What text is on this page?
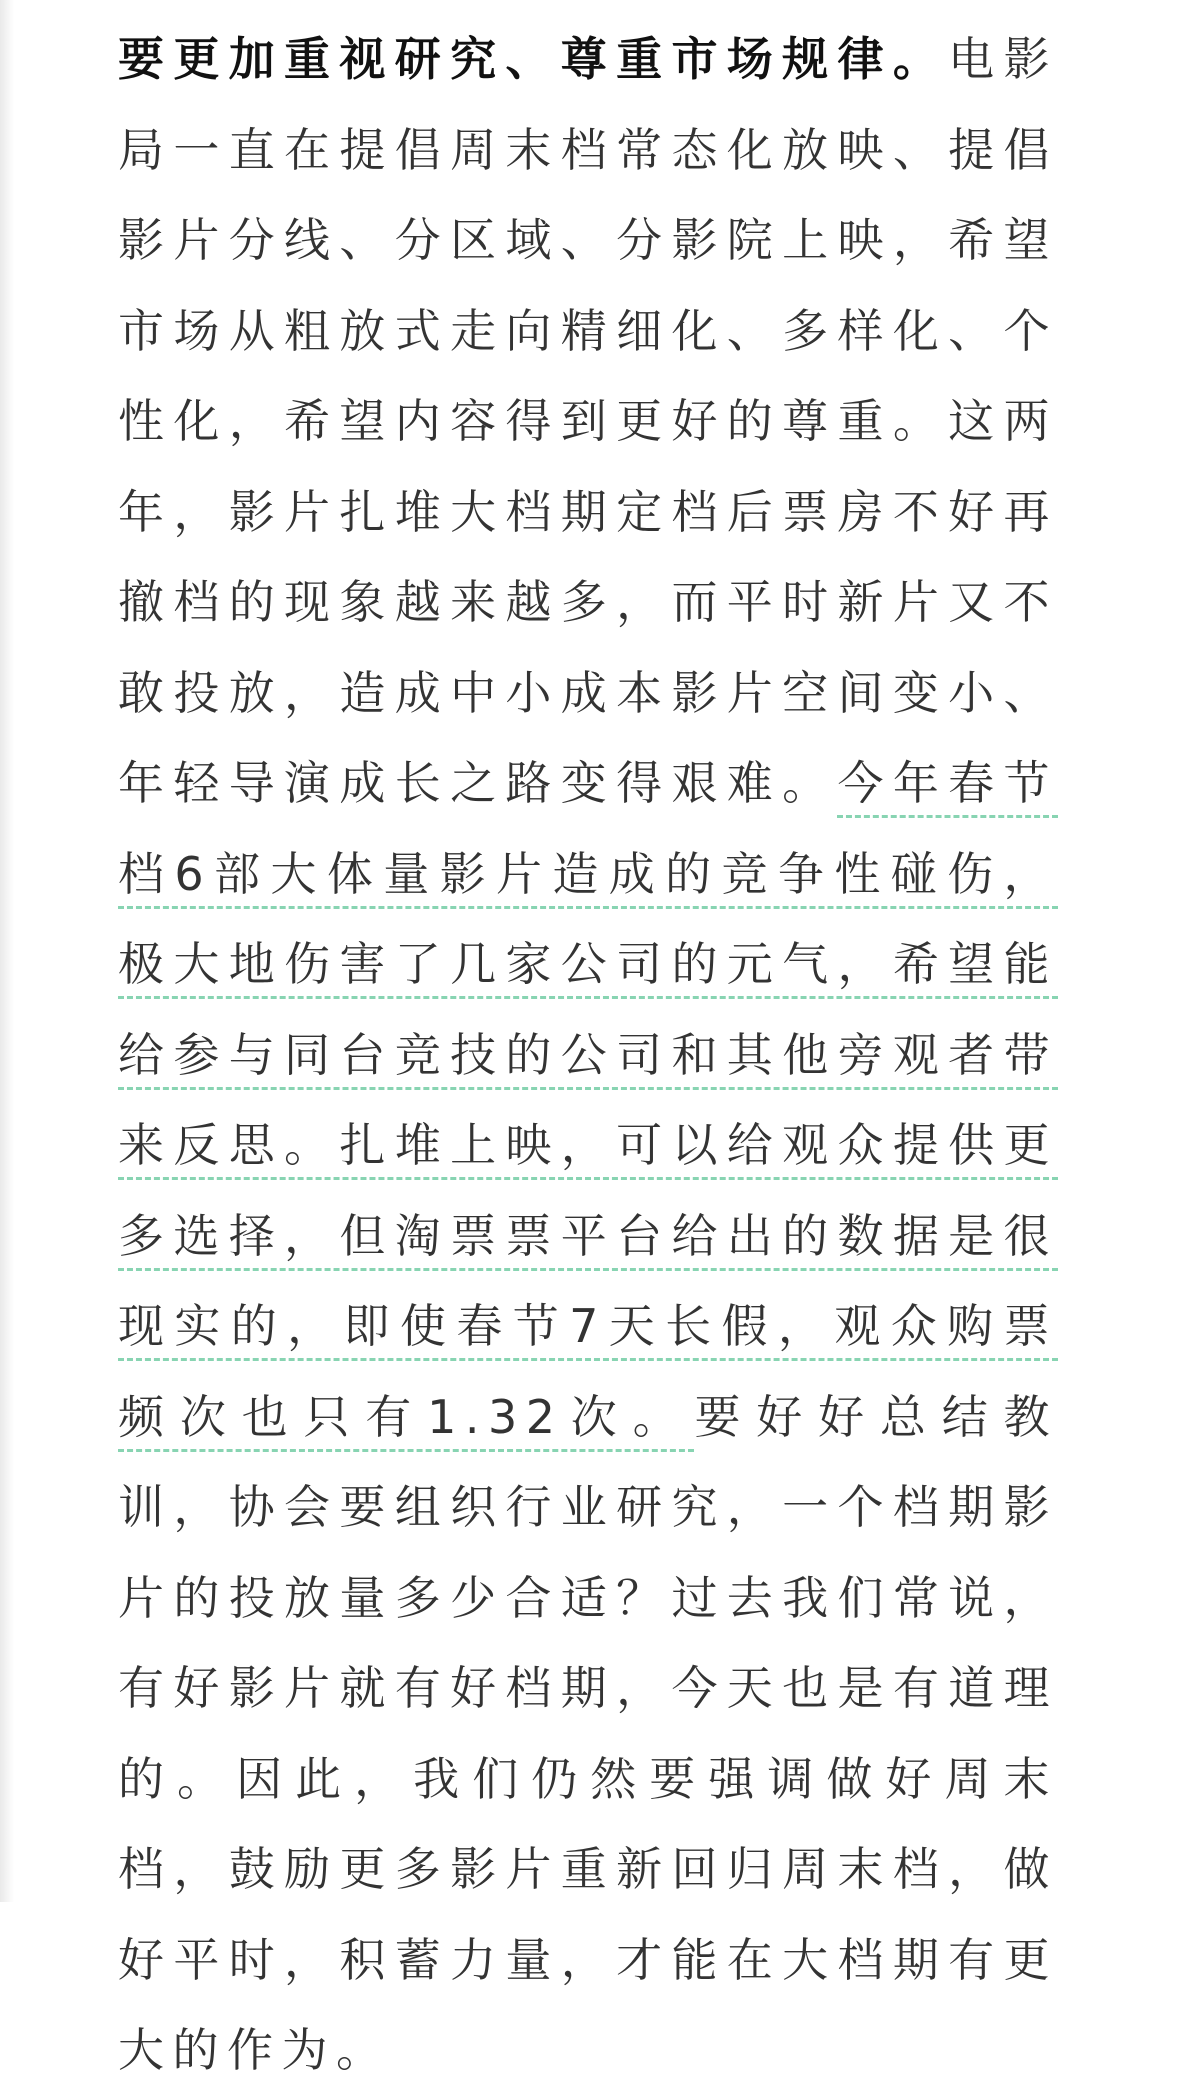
要更加重视研究、尊重市场规律。电影局一直在提倡周末档常态化放映、提倡影片分线、分区域、分影院上映，希望市场从粗放式走向精细化、多样化、个性化，希望内容得到更好的尊重。这两年，影片扎堆大档期定档后票房不好再撤档的现象越来越多，而平时新片又不敢投放，造成中小成本影片空间变小、年轻导演成长之路变得艰难。今年春节档6部大体量影片造成的竞争性碰伤，极大地伤害了几家公司的元气，希望能给参与同台竞技的公司和其他旁观者带来反思。扎堆上映，可以给观众提供更多选择，但淘票票平台给出的数据是很现实的，即使春节7天长假，观众购票频次也只有1.32次。要好好总结教训，协会要组织行业研究，一个档期影片的投放量多少合适？过去我们常说，有好影片就有好档期，今天也是有道理的。因此，我们仍然要强调做好周末档，鼓励更多影片重新回归周末档，做好平时，积蓄力量，才能在大档期有更大的作为。
